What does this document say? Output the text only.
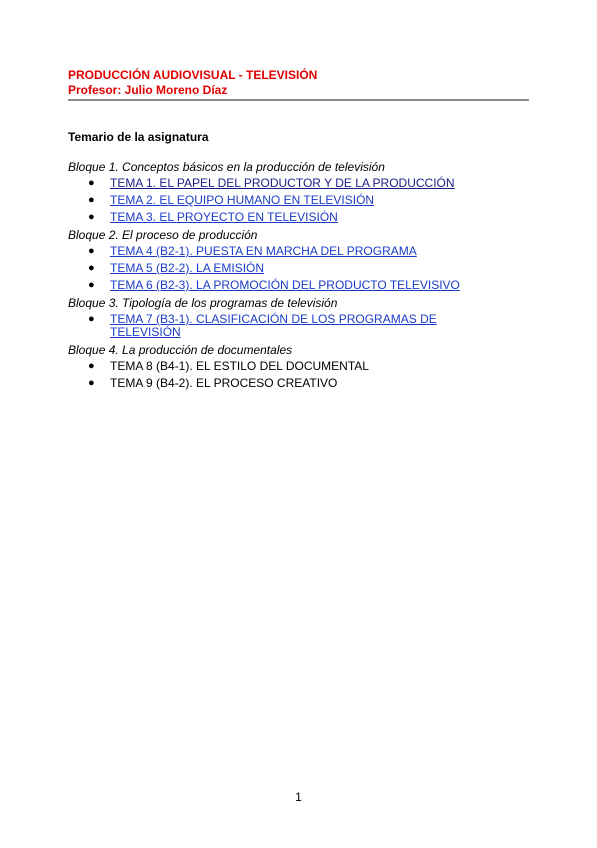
PRODUCCIÓN AUDIOVISUAL - TELEVISIÓN
Profesor: Julio Moreno Díaz
Temario de la asignatura
Bloque 1. Conceptos básicos en la producción de televisión
● TEMA 1. EL PAPEL DEL PRODUCTOR Y DE LA PRODUCCIÓN
● TEMA 2. EL EQUIPO HUMANO EN TELEVISIÓN
● TEMA 3. EL PROYECTO EN TELEVISIÓN
Bloque 2. El proceso de producción
● TEMA 4 (B2-1). PUESTA EN MARCHA DEL PROGRAMA
● TEMA 5 (B2-2). LA EMISIÓN
● TEMA 6 (B2-3). LA PROMOCIÓN DEL PRODUCTO TELEVISIVO
Bloque 3. Tipología de los programas de televisión
● TEMA 7 (B3-1). CLASIFICACIÓN DE LOS PROGRAMAS DE TELEVISIÓN
Bloque 4. La producción de documentales
● TEMA 8 (B4-1). EL ESTILO DEL DOCUMENTAL
● TEMA 9 (B4-2). EL PROCESO CREATIVO
1
